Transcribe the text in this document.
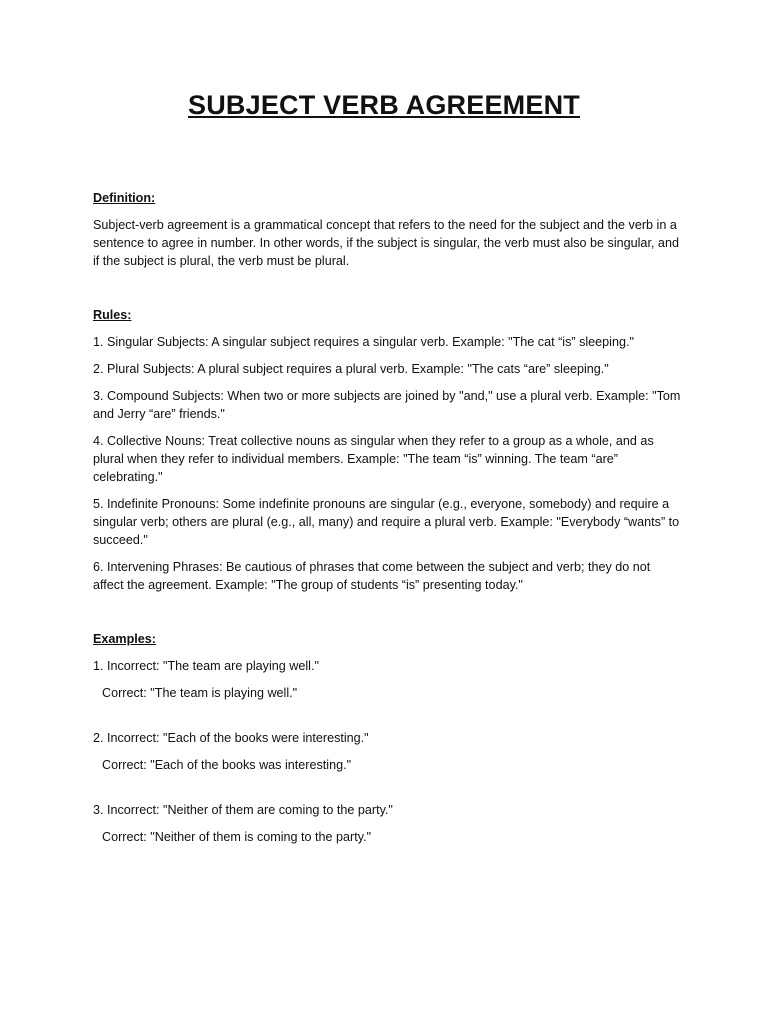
SUBJECT VERB AGREEMENT
Definition:
Subject-verb agreement is a grammatical concept that refers to the need for the subject and the verb in a sentence to agree in number. In other words, if the subject is singular, the verb must also be singular, and if the subject is plural, the verb must be plural.
Rules:
1. Singular Subjects: A singular subject requires a singular verb. Example: "The cat “is” sleeping."
2. Plural Subjects: A plural subject requires a plural verb. Example: "The cats “are” sleeping."
3. Compound Subjects: When two or more subjects are joined by "and," use a plural verb. Example: "Tom and Jerry “are” friends."
4. Collective Nouns: Treat collective nouns as singular when they refer to a group as a whole, and as plural when they refer to individual members. Example: "The team “is” winning. The team “are” celebrating."
5. Indefinite Pronouns: Some indefinite pronouns are singular (e.g., everyone, somebody) and require a singular verb; others are plural (e.g., all, many) and require a plural verb. Example: "Everybody “wants” to succeed."
6. Intervening Phrases: Be cautious of phrases that come between the subject and verb; they do not affect the agreement. Example: "The group of students “is” presenting today."
Examples:
1. Incorrect: "The team are playing well."
Correct: "The team is playing well."
2. Incorrect: "Each of the books were interesting."
Correct: "Each of the books was interesting."
3. Incorrect: "Neither of them are coming to the party."
Correct: "Neither of them is coming to the party."
